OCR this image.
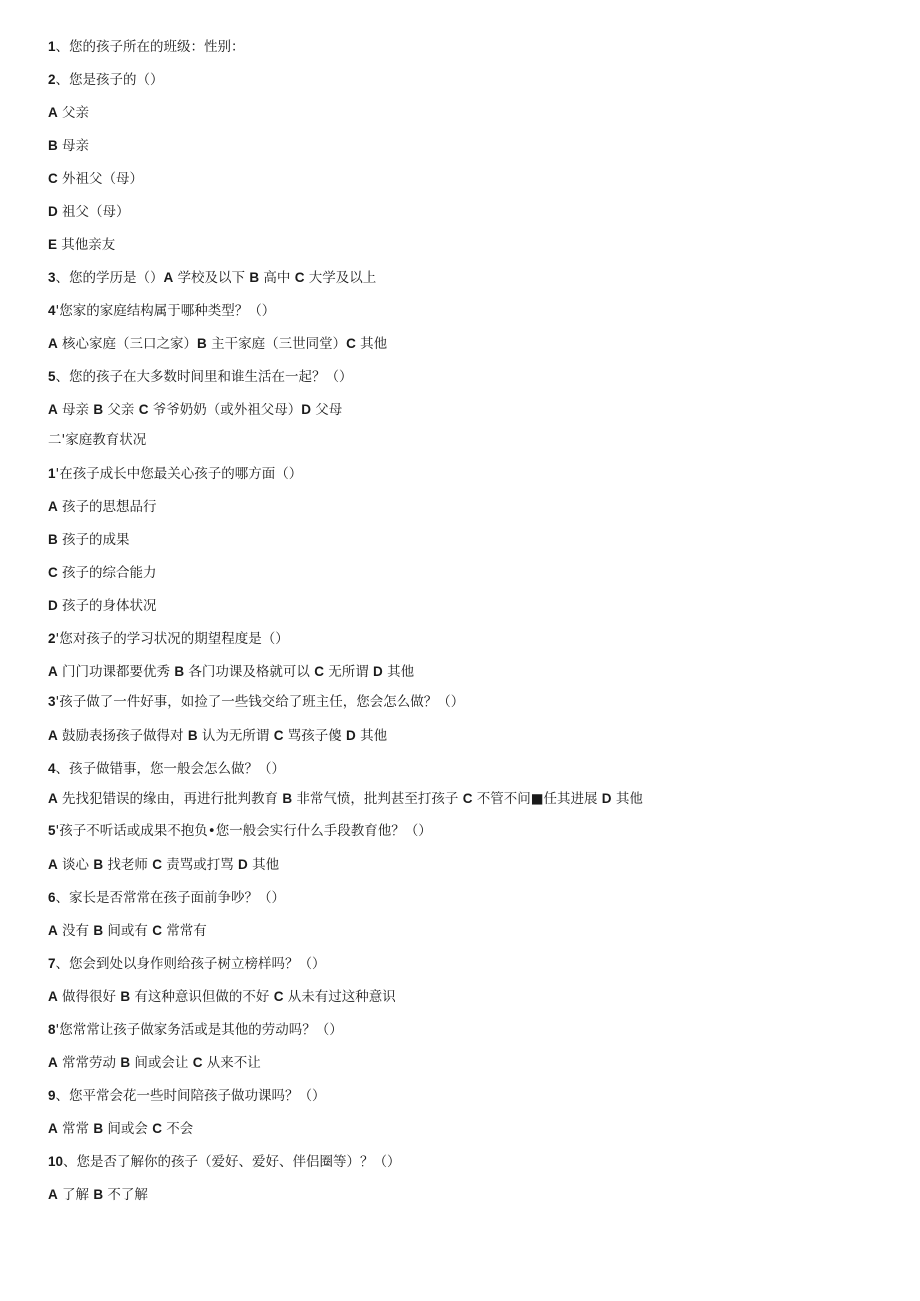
1、您的孩子所在的班级：性别：
2、您是孩子的（）
A 父亲
B 母亲
C 外祖父（母）
D 祖父（母）
E 其他亲友
3、您的学历是（）A 学校及以下 B 高中 C 大学及以上
4'您家的家庭结构属于哪种类型？（）
A 核心家庭（三口之家）B 主干家庭（三世同堂）C 其他
5、您的孩子在大多数时间里和谁生活在一起？（）
A 母亲 B 父亲 C 爷爷奶奶（或外祖父母）D 父母
二'家庭教育状况
1'在孩子成长中您最关心孩子的哪方面（）
A 孩子的思想品行
B 孩子的成果
C 孩子的综合能力
D 孩子的身体状况
2'您对孩子的学习状况的期望程度是（）
A 门门功课都要优秀 B 各门功课及格就可以 C 无所谓 D 其他
3'孩子做了一件好事，如捡了一些钱交给了班主任，您会怎么做？（）
A 鼓励表扬孩子做得对 B 认为无所谓 C 骂孩子傻 D 其他
4、孩子做错事，您一般会怎么做？（）
A 先找犯错误的缘由，再进行批判教育 B 非常气愤，批判甚至打孩子 C 不管不问■任其进展 D 其他
5'孩子不听话或成果不抱负•您一般会实行什么手段教育他？（）
A 谈心 B 找老师 C 责骂或打骂 D 其他
6、家长是否常常在孩子面前争吵？（）
A 没有 B 间或有 C 常常有
7、您会到处以身作则给孩子树立榜样吗？（）
A 做得很好 B 有这种意识但做的不好 C 从未有过这种意识
8'您常常让孩子做家务活或是其他的劳动吗？（）
A 常常劳动 B 间或会让 C 从来不让
9、您平常会花一些时间陪孩子做功课吗？（）
A 常常 B 间或会 C 不会
10、您是否了解你的孩子（爱好、爱好、伴侣圈等）？（）
A 了解 B 不了解
